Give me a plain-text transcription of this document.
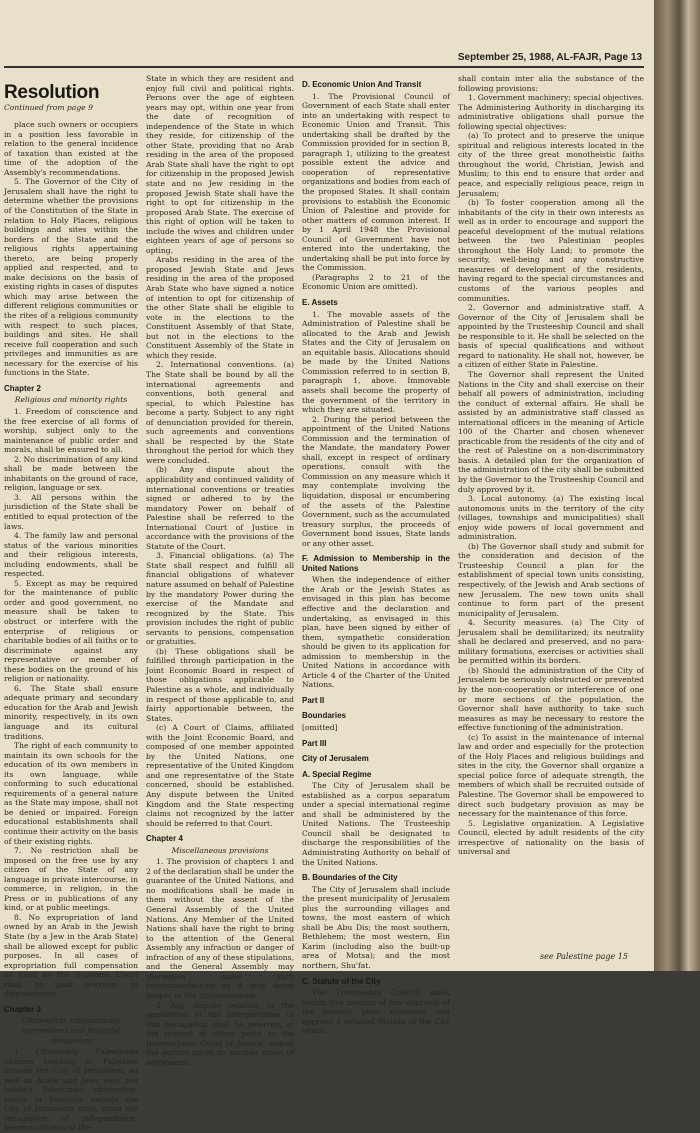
September 25, 1988, AL-FAJR, Page 13
Resolution
Continued from page 9

place such owners or occupiers in a position less favorable in relation to the general incidence of taxation than existed at the time of the adoption of the Assembly's recommendations.

5. The Governor of the City of Jerusalem shall have the right to determine whether the provisions of the Constitution of the State in relation to Holy Places, religious buildings and sites within the borders of the State and the religious rights appertaining thereto, are being properly applied and respected, and to make decisions on the basis of existing rights in cases of disputes which may arise between the different religious communities or the rites of a religious community with respect to such places, buildings and sites. He shall receive full cooperation and such privileges and immunities as are necessary for the exercise of his functions in the State.

Chapter 2
Religious and minority rights

1. Freedom of conscience and the free exercise of all forms of worship, subject only to the maintenance of public order and morals, shall be ensured to all.

2. No discrimination of any kind shall be made between the inhabitants on the ground of race, religion, language or sex.

3. All persons within the jurisdiction of the State shall be entitled to equal protection of the laws.

4. The family law and personal status of the various minorities and their religious interests, including endowments, shall be respected.

5. Except as may be required for the maintenance of public order and good government, no measure shall be taken to obstruct or interfere with the enterprise of religious or charitable bodies of all faiths or to discriminate against any representative or member of these bodies on the ground of his religion or nationality.

6. The State shall ensure adequate primary and secondary education for the Arab and Jewish minority, respectively, in its own language and its cultural traditions.

The right of each community to maintain its own schools for the education of its own members in its own language, while conforming to such educational requirements of a general nature as the State may impose, shall not be denied or impaired. Foreign educational establishments shall continue their activity on the basis of their existing rights.

7. No restriction shall be imposed on the free use by any citizen of the State of any language in private intercourse, in commerce, in religion, in the Press or in publications of any kind, or at public meetings.

8. No expropriation of land owned by an Arab in the Jewish State (by a Jew in the Arab State) shall be allowed except for public purposes. In all cases of expropriation full compensation as fixed by the Supreme Court shall be paid previous to dispossession.

Chapter 3
Citizenship, international conventions and financial obligations

1. Citizenship. Palestinian citizens residing in Palestine outside the City of Jerusalem, as well as Arabs and Jews who, not holding Palestinian citizenship, reside in Palestine outside the City of Jerusalem shall, upon the recognition of independence, become citizens of the

State in which they are resident and enjoy full civil and political rights. Persons over the age of eighteen years may opt, within one year from the date of recognition of independence of the State in which they reside, for citizenship of the other State, providing that no Arab residing in the area of the proposed Arab State shall have the right to opt for citizenship in the proposed Jewish state and no Jew residing in the proposed Jewish State shall have the right to opt for citizenship in the proposed Arab State. The exercise of this right of option will be taken to include the wives and children under eighteen years of age of persons so opting.

Arabs residing in the area of the proposed Jewish State and Jews residing in the area of the proposed Arab State who have signed a notice of intention to opt for citizenship of the other State shall be eligible to vote in the elections to the Constituent Assembly of that State, but not in the elections to the Constituent Assembly of the State in which they reside.

2. International conventions. (a) The State shall be bound by all the international agreements and conventions, both general and special, to which Palestine has become a party. Subject to any right of denunciation provided for therein, such agreements and conventions shall be respected by the State throughout the period for which they were concluded.

(b) Any dispute about the applicability and continued validity of international conventions or treaties signed or adhered to by the mandatory Power on behalf of Palestine shall be referred to the International Court of Justice in accordance with the provisions of the Statute of the Court.

3. Financial obligations. (a) The State shall respect and fulfill all financial obligations of whatever nature assumed on behalf of Palestine by the mandatory Power during the exercise of the Mandate and recognized by the State. This provision includes the right of public servants to pensions, compensation or gratuities.

(b) These obligations shall be fulfilled through participation in the Joint Economic Board in respect of those obligations applicable to Palestine as a whole, and individually in respect of those applicable to, and fairly apportionable between, the States.

(c) A Court of Claims, affiliated with the Joint Economic Board, and composed of one member appointed by the United Nations, one representative of the United Kingdom and one representative of the State concerned, should be established. Any dispute between the United Kingdom and the State respecting claims not recognized by the latter should be referred to that Court.

Chapter 4
Miscellaneous provisions

1. The provision of chapters 1 and 2 of the declaration shall be under the guarantee of the United Nations, and no modifications shall be made in them without the assent of the General Assembly of the United Nations. Any Member of the United Nations shall have the right to bring to the attention of the General Assembly any infraction or danger of infraction of any of these stipulations, and the General Assembly may thereupon make such recommendations as it may deem proper in the circumstances.

2. Any dispute relating to the application or the interpretation of this declaration shall be referred, at the request of either party, to the International Court of Justice, unless the parties agree to another mode of settlement.

D. Economic Union And Transit

1. The Provisional Council of Government of each State shall enter into an undertaking with respect to Economic Union and Transit. This undertaking shall be drafted by the Commission provided for in section B, paragraph 1, utilizing to the greatest possible extent the advice and cooperation of representative organizations and bodies from each of the proposed States. It shall contain provisions to establish the Economic Union of Palestine and provide for other matters of common interest. If by 1 April 1948 the Provisional Council of Government have not entered into the undertaking, the undertaking shall be put into force by the Commission.

(Paragraphs 2 to 21 of the Economic Union are omitted).

E. Assets

1. The movable assets of the Administration of Palestine shall be allocated to the Arab and Jewish States and the City of Jerusalem on an equitable basis. Allocations should be made by the United Nations Commission referred to in section B, paragraph 1, above. Immovable assets shall become the property of the government of the territory in which they are situated.

2. During the period between the appointment of the United Nations Commission and the termination of the Mandate, the mandatory Power shall, except in respect of ordinary operations, consult with the Commission on any measure which it may contemplate involving the liquidation, disposal or encumbering of the assets of the Palestine Government, such as the accumulated treasury surplus, the proceeds of Government bond issues, State lands or any other asset.

F. Admission to Membership in the United Nations

When the independence of either the Arab or the Jewish States as envisaged in this plan has become effective and the declaration and undertaking, as envisaged in this plan, have been signed by either of them, sympathetic consideration should be given to its application for admission to membership in the United Nations in accordance with Article 4 of the Charter of the United Nations.

Part II
Boundaries

[omitted]

Part III
City of Jerusalem
A. Special Regime

The City of Jerusalem shall be established as a corpus separatum under a special international regime and shall be administered by the United Nations. The Trusteeship Council shall be designated to discharge the responsibilities of the Administrating Authority on behalf of the United Nations.

B. Boundaries of the City

The City of Jerusalem shall include the present municipality of Jerusalem plus the surrounding villages and towns, the most eastern of which shall be Abu Dis; the most southern, Bethlehem; the most western, Ein Karim (including also the built-up area of Motsa); and the most northern, Shu'fat.

C. Statute of the City

The Trusteeship Council shall, within five months of the approval of the present plan, elaborate and approve a detailed Statute of the City which

shall contain inter alia the substance of the following provisions:

1. Government machinery; special objectives. The Administering Authority in discharging its administrative obligations shall pursue the following special objectives:

(a) To protect and to preserve the unique spiritual and religious interests located in the city of the three great monotheistic faiths throughout the world, Christian, Jewish and Muslim; to this end to ensure that order and peace, and especially religious peace, reign in Jerusalem;

(b) To foster cooperation among all the inhabitants of the city in their own interests as well as in order to encourage and support the peaceful development of the mutual relations between the two Palestinian peoples throughout the Holy Land; to promote the security, well-being and any constructive measures of development of the residents, having regard to the special circumstances and customs of the various peoples and communities.

2. Governor and administrative staff. A Governor of the City of Jerusalem shall be appointed by the Trusteeship Council and shall be responsible to it. He shall be selected on the basis of special qualifications and without regard to nationality. He shall not, however, be a citizen of either State in Palestine.

The Governor shall represent the United Nations in the City and shall exercise on their behalf all powers of administration, including the conduct of external affairs. He shall be assisted by an administrative staff classed as international officers in the meaning of Article 100 of the Charter and chosen whenever practicable from the residents of the city and of the rest of Palestine on a non-discriminatory basis. A detailed plan for the organization of the administration of the city shall be submitted by the Governor to the Trusteeship Council and duly approved by it.

3. Local autonomy. (a) The existing local autonomous units in the territory of the city (villages, townships and municipalities) shall enjoy wide powers of local government and administration.

(b) The Governor shall study and submit for the consideration and decision of the Trusteeship Council a plan for the establishment of special town units consisting, respectively, of the Jewish and Arab sections of new Jerusalem. The new town units shall continue to form part of the present municipality of Jerusalem.

4. Security measures. (a) The City of Jerusalem shall be demilitarized; its neutrality shall be declared and preserved, and no para-military formations, exercises or activities shall be permitted within its borders.

(b) Should the administration of the City of Jerusalem be seriously obstructed or prevented by the non-cooperation or interference of one or more sections of the population, the Governor shall have authority to take such measures as may be necessary to restore the effective functioning of the administration.

(c) To assist in the maintenance of internal law and order and especially for the protection of the Holy Places and religious buildings and sites in the city, the Governor shall organize a special police force of adequate strength, the members of which shall be recruited outside of Palestine. The Governor shall be empowered to direct such budgetary provision as may be necessary for the maintenance of this force.

5. Legislative organization. A Legislative Council, elected by adult residents of the city irrespective of nationality on the basis of universal and

see Palestine page 15
